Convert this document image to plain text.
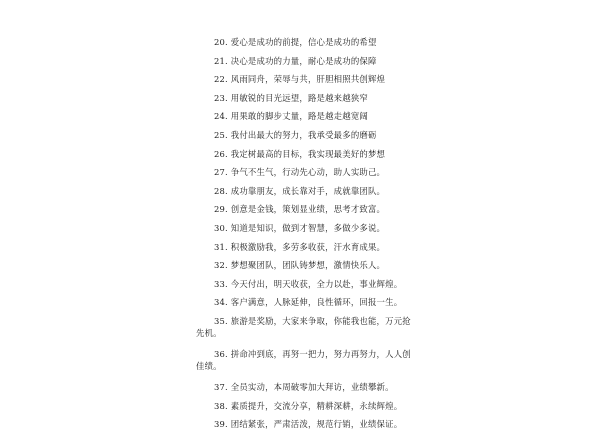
20. 爱心是成功的前提，信心是成功的希望

21. 决心是成功的力量，耐心是成功的保障

22. 风雨同舟，荣辱与共，肝胆相照共创辉煌

23. 用敏锐的目光远望，路是越来越狭窄

24. 用果敢的脚步丈量，路是越走越宽阔

25. 我付出最大的努力，我承受最多的磨砺

26. 我定树最高的目标，我实现最美好的梦想

27. 争气不生气，行动先心动，助人实助己。

28. 成功靠朋友，成长靠对手，成就靠团队。

29. 创意是金钱，策划显业绩，思考才致富。

30. 知道是知识，做到才智慧，多做少多说。

31. 积极激励我，多劳多收获，汗水育成果。

32. 梦想聚团队，团队铸梦想，激情快乐人。

33. 今天付出，明天收获，全力以赴，事业辉煌。

34. 客户满意，人脉延伸，良性循环，回报一生。

35. 旅游是奖励，大家来争取，你能我也能，万元抢先机。

36. 拼命冲到底，再努一把力，努力再努力，人人创佳绩。

37. 全员实动，本周破零加大拜访，业绩攀新。

38. 素质提升，交流分享，精耕深耕，永续辉煌。

39. 团结紧张，严肃活泼，规范行销，业绩保证。
